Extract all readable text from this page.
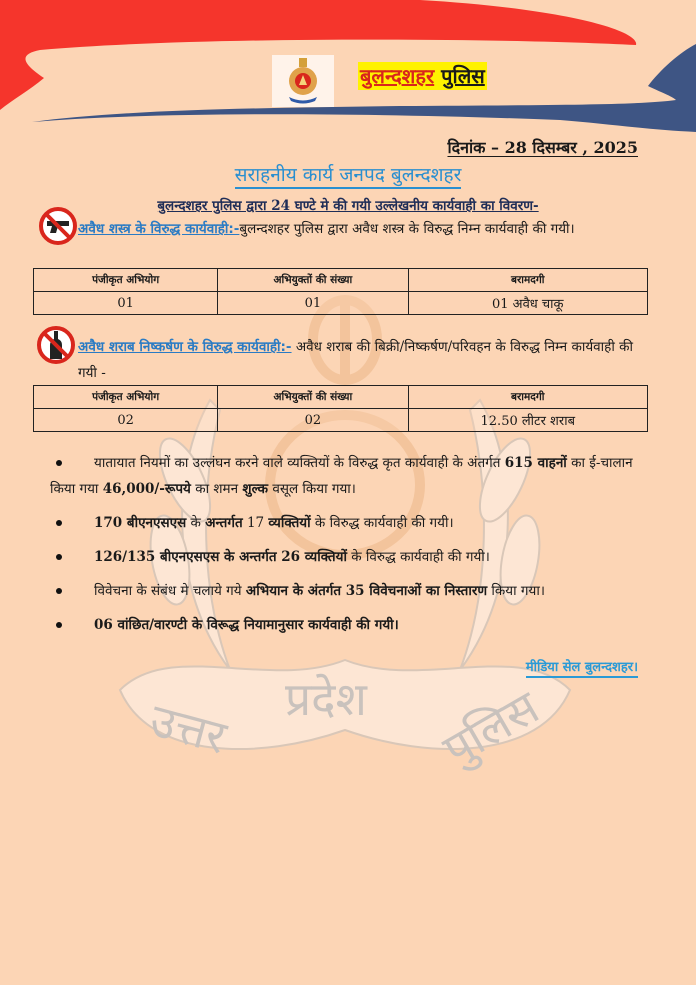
बुलन्दशहर पुलिस
उत्तर प्रदेश पुलिस
दिनांक – 28 दिसम्बर , 2025
सराहनीय कार्य जनपद बुलन्दशहर
बुलन्दशहर पुलिस द्वारा 24 घण्टे मे की गयी उल्लेखनीय कार्यवाही का विवरण-
अवैध शस्त्र के विरुद्ध कार्यवाही:-बुलन्दशहर पुलिस द्वारा अवैध शस्त्र के विरुद्ध निम्न कार्यवाही की गयी।
पंजीकृत अभियोग	अभियुक्तों की संख्या	बरामदगी
01	01	01 अवैध चाकू
अवैध शराब निष्कर्षण के विरुद्ध कार्यवाही:- अवैध शराब की बिक्री/निष्कर्षण/परिवहन के विरुद्ध निम्न कार्यवाही की गयी -
पंजीकृत अभियोग	अभियुक्तों की संख्या	बरामदगी
02	02	12.50 लीटर शराब
यातायात नियमों का उल्लंघन करने वाले व्यक्तियों के विरुद्ध कृत कार्यवाही के अंतर्गत 615 वाहनों का ई-चालान किया गया 46,000/-रूपये का शमन शुल्क वसूल किया गया।
170 बीएनएसएस के अन्तर्गत 17 व्यक्तियों के विरुद्ध कार्यवाही की गयी।
126/135 बीएनएसएस के अन्तर्गत 26 व्यक्तियों के विरुद्ध कार्यवाही की गयी।
विवेचना के संबंध मे चलाये गये अभियान के अंतर्गत 35 विवेचनाओं का निस्तारण किया गया।
06 वांछित/वारण्टी के विरूद्ध नियामानुसार कार्यवाही की गयी।
मीडिया सेल बुलन्दशहर।
